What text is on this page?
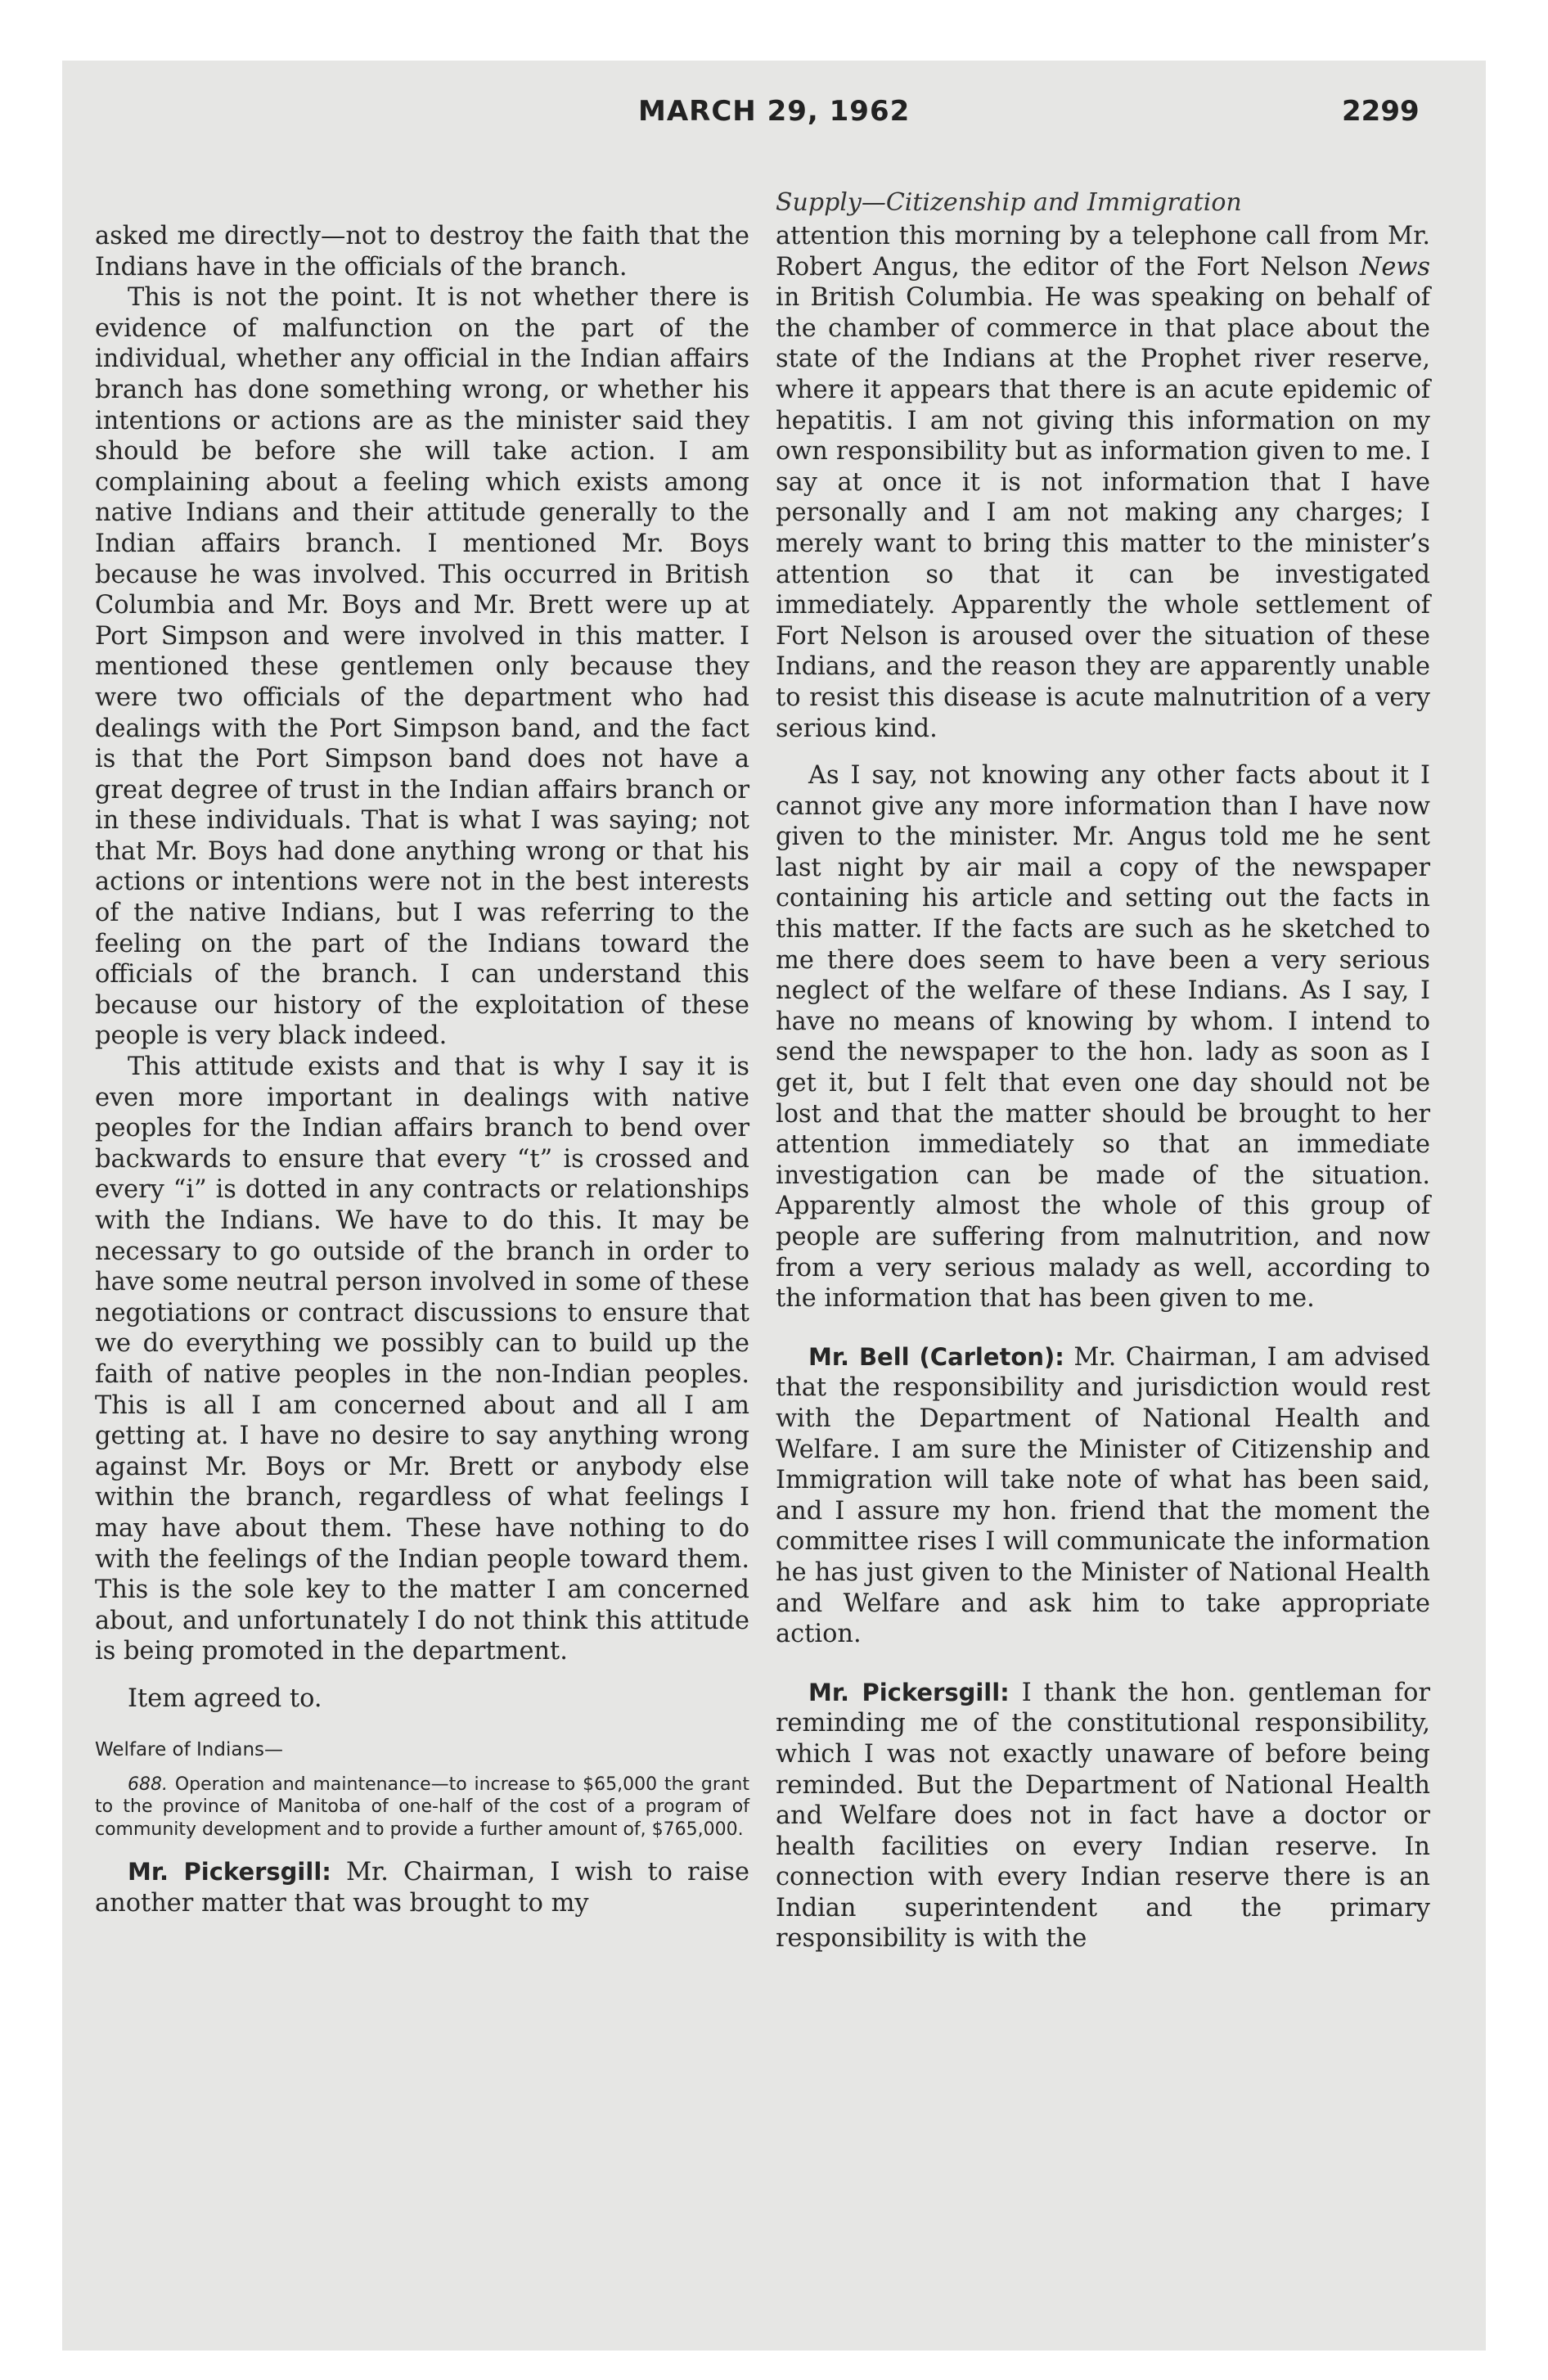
MARCH 29, 1962	2299
Supply—Citizenship and Immigration

asked me directly—not to destroy the faith that the Indians have in the officials of the branch.

This is not the point. It is not whether there is evidence of malfunction on the part of the individual, whether any official in the Indian affairs branch has done something wrong, or whether his intentions or actions are as the minister said they should be before she will take action. I am complaining about a feeling which exists among native Indians and their attitude generally to the Indian affairs branch. I mentioned Mr. Boys because he was involved. This occurred in British Columbia and Mr. Boys and Mr. Brett were up at Port Simpson and were involved in this matter. I mentioned these gentlemen only because they were two officials of the department who had dealings with the Port Simpson band, and the fact is that the Port Simpson band does not have a great degree of trust in the Indian affairs branch or in these individuals. That is what I was saying; not that Mr. Boys had done anything wrong or that his actions or intentions were not in the best interests of the native Indians, but I was referring to the feeling on the part of the Indians toward the officials of the branch. I can understand this because our history of the exploitation of these people is very black indeed.

This attitude exists and that is why I say it is even more important in dealings with native peoples for the Indian affairs branch to bend over backwards to ensure that every “t” is crossed and every “i” is dotted in any contracts or relationships with the Indians. We have to do this. It may be necessary to go outside of the branch in order to have some neutral person involved in some of these negotiations or contract discussions to ensure that we do everything we possibly can to build up the faith of native peoples in the non-Indian peoples. This is all I am concerned about and all I am getting at. I have no desire to say anything wrong against Mr. Boys or Mr. Brett or anybody else within the branch, regardless of what feelings I may have about them. These have nothing to do with the feelings of the Indian people toward them. This is the sole key to the matter I am concerned about, and unfortunately I do not think this attitude is being promoted in the department.

Item agreed to.

Welfare of Indians—

688. Operation and maintenance—to increase to $65,000 the grant to the province of Manitoba of one-half of the cost of a program of community development and to provide a further amount of, $765,000.

Mr. Pickersgill: Mr. Chairman, I wish to raise another matter that was brought to my

attention this morning by a telephone call from Mr. Robert Angus, the editor of the Fort Nelson News in British Columbia. He was speaking on behalf of the chamber of commerce in that place about the state of the Indians at the Prophet river reserve, where it appears that there is an acute epidemic of hepatitis. I am not giving this information on my own responsibility but as information given to me. I say at once it is not information that I have personally and I am not making any charges; I merely want to bring this matter to the minister’s attention so that it can be investigated immediately. Apparently the whole settlement of Fort Nelson is aroused over the situation of these Indians, and the reason they are apparently unable to resist this disease is acute malnutrition of a very serious kind.

As I say, not knowing any other facts about it I cannot give any more information than I have now given to the minister. Mr. Angus told me he sent last night by air mail a copy of the newspaper containing his article and setting out the facts in this matter. If the facts are such as he sketched to me there does seem to have been a very serious neglect of the welfare of these Indians. As I say, I have no means of knowing by whom. I intend to send the newspaper to the hon. lady as soon as I get it, but I felt that even one day should not be lost and that the matter should be brought to her attention immediately so that an immediate investigation can be made of the situation. Apparently almost the whole of this group of people are suffering from malnutrition, and now from a very serious malady as well, according to the information that has been given to me.

Mr. Bell (Carleton): Mr. Chairman, I am advised that the responsibility and jurisdiction would rest with the Department of National Health and Welfare. I am sure the Minister of Citizenship and Immigration will take note of what has been said, and I assure my hon. friend that the moment the committee rises I will communicate the information he has just given to the Minister of National Health and Welfare and ask him to take appropriate action.

Mr. Pickersgill: I thank the hon. gentleman for reminding me of the constitutional responsibility, which I was not exactly unaware of before being reminded. But the Department of National Health and Welfare does not in fact have a doctor or health facilities on every Indian reserve. In connection with every Indian reserve there is an Indian superintendent and the primary responsibility is with the
